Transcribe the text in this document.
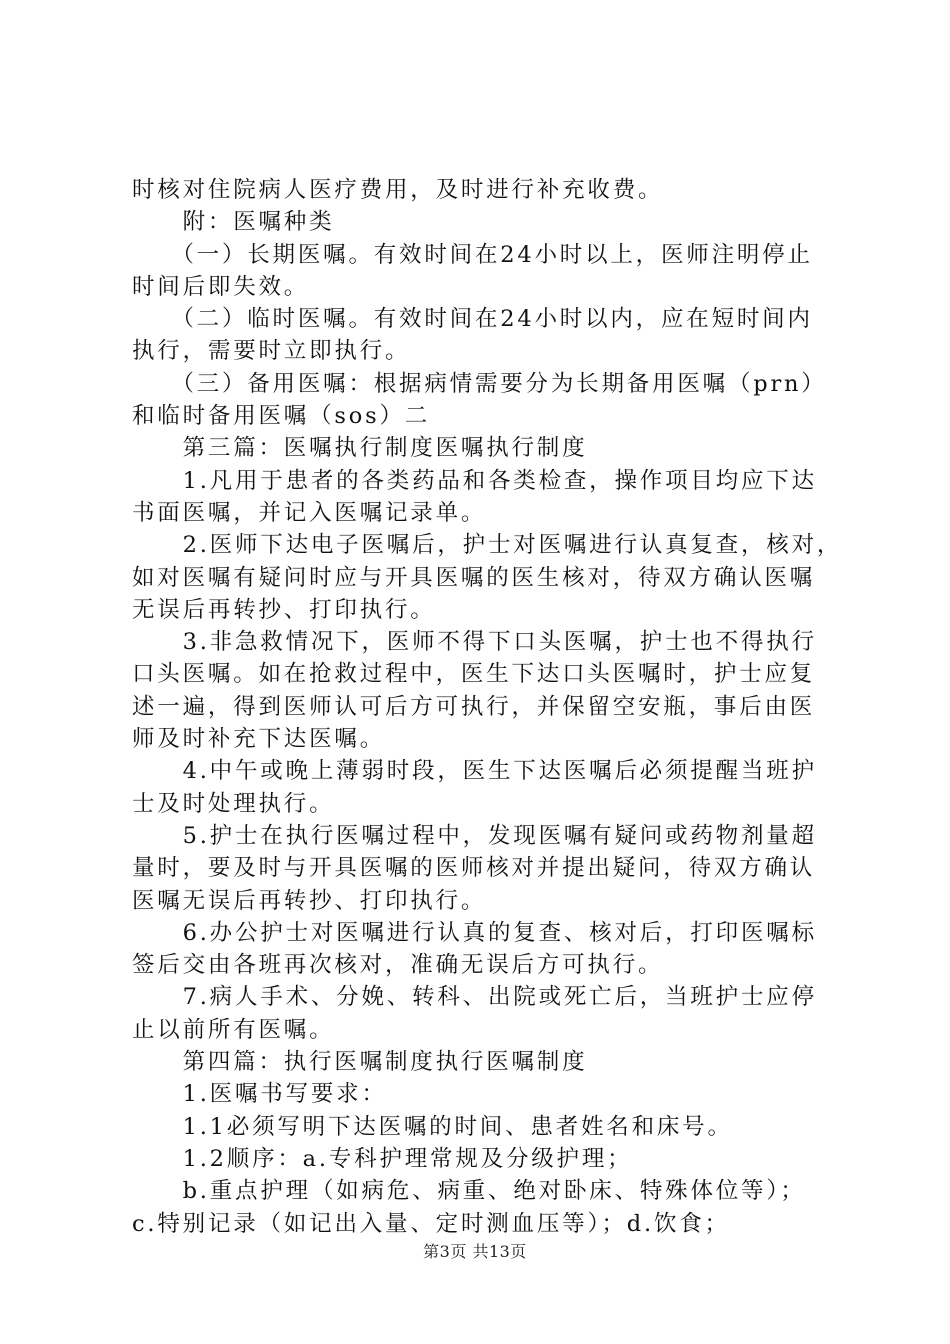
时核对住院病人医疗费用，及时进行补充收费。
　　附：医嘱种类
　　（一）长期医嘱。有效时间在24小时以上，医师注明停止
时间后即失效。
　　（二）临时医嘱。有效时间在24小时以内，应在短时间内
执行，需要时立即执行。
　　（三）备用医嘱：根据病情需要分为长期备用医嘱（prn）
和临时备用医嘱（sos）二
　　第三篇：医嘱执行制度医嘱执行制度
　　1.凡用于患者的各类药品和各类检查，操作项目均应下达
书面医嘱，并记入医嘱记录单。
　　2.医师下达电子医嘱后，护士对医嘱进行认真复查，核对，
如对医嘱有疑问时应与开具医嘱的医生核对，待双方确认医嘱
无误后再转抄、打印执行。
　　3.非急救情况下，医师不得下口头医嘱，护士也不得执行
口头医嘱。如在抢救过程中，医生下达口头医嘱时，护士应复
述一遍，得到医师认可后方可执行，并保留空安瓶，事后由医
师及时补充下达医嘱。
　　4.中午或晚上薄弱时段，医生下达医嘱后必须提醒当班护
士及时处理执行。
　　5.护士在执行医嘱过程中，发现医嘱有疑问或药物剂量超
量时，要及时与开具医嘱的医师核对并提出疑问，待双方确认
医嘱无误后再转抄、打印执行。
　　6.办公护士对医嘱进行认真的复查、核对后，打印医嘱标
签后交由各班再次核对，准确无误后方可执行。
　　7.病人手术、分娩、转科、出院或死亡后，当班护士应停
止以前所有医嘱。
　　第四篇：执行医嘱制度执行医嘱制度
　　1.医嘱书写要求：
　　1.1必须写明下达医嘱的时间、患者姓名和床号。
　　1.2顺序：a.专科护理常规及分级护理；
　　b.重点护理（如病危、病重、绝对卧床、特殊体位等）；
c.特别记录（如记出入量、定时测血压等）；d.饮食；
第3页 共13页
